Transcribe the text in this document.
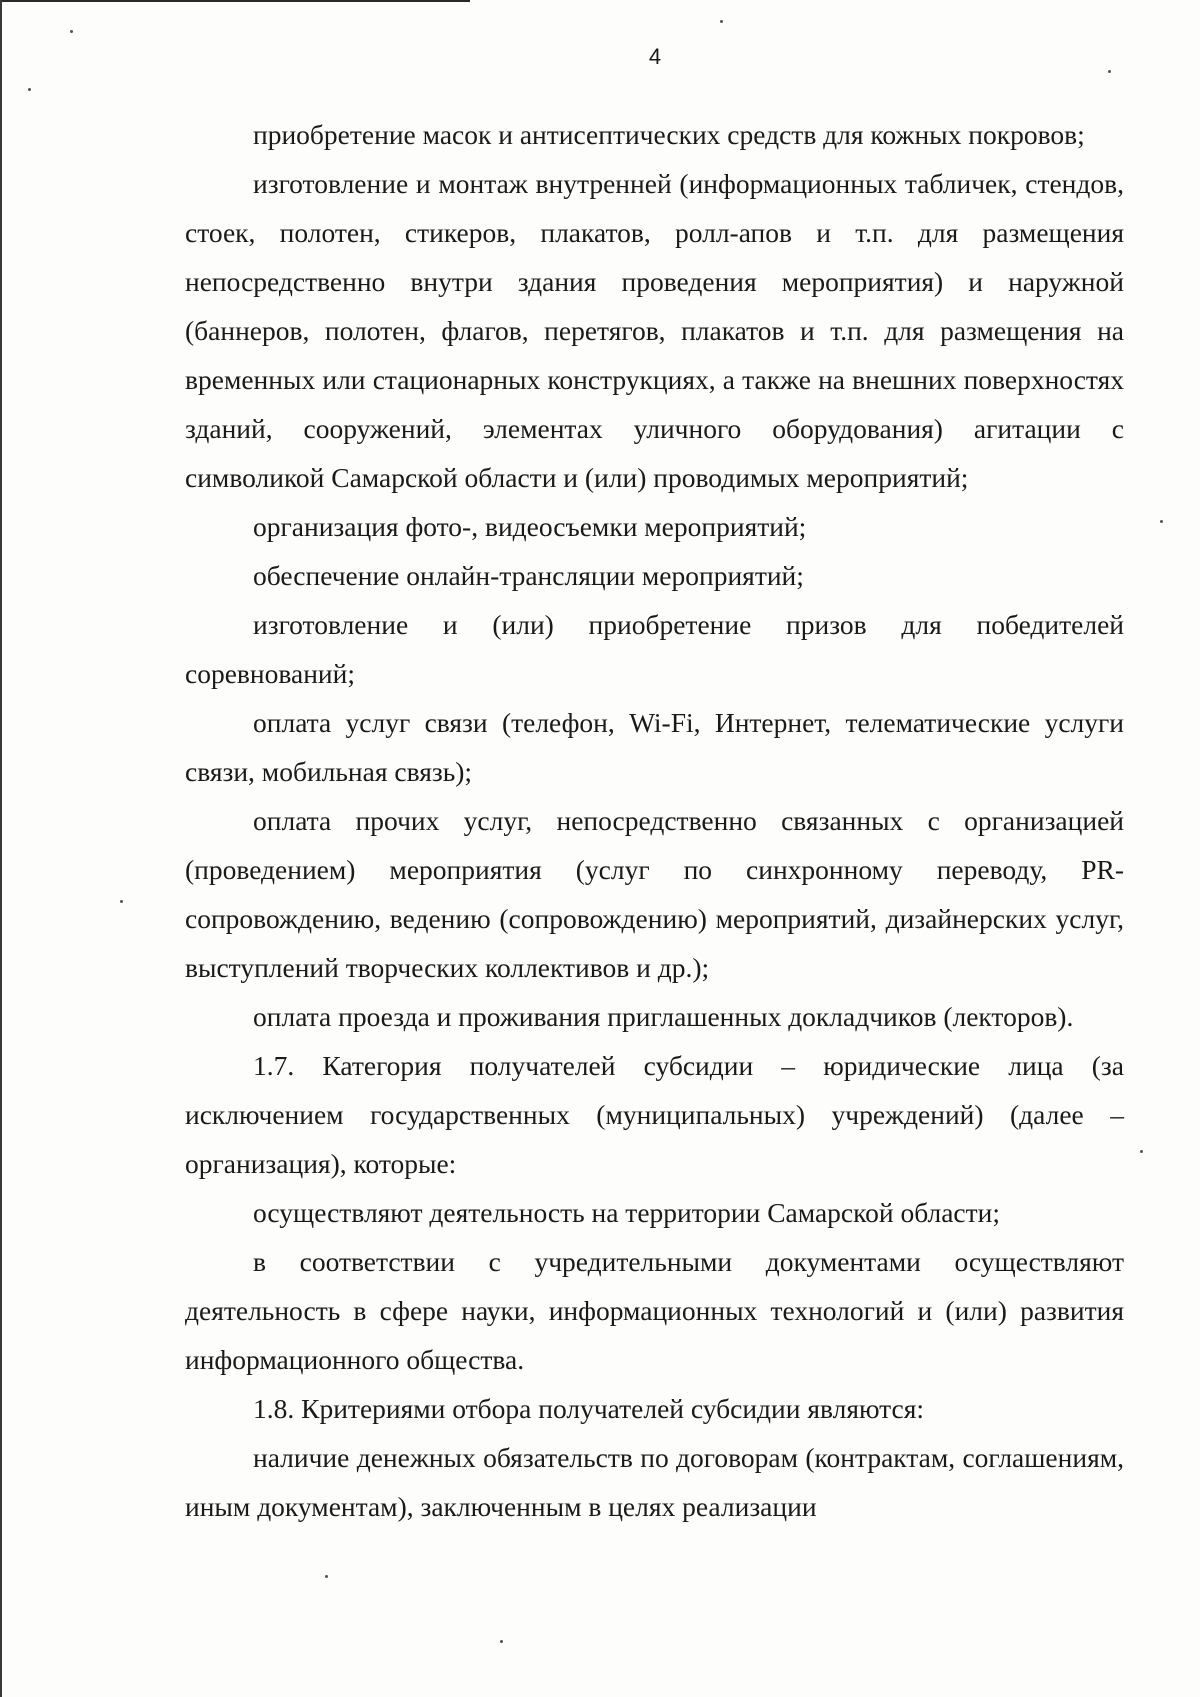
4

приобретение масок и антисептических средств для кожных покровов;

изготовление и монтаж внутренней (информационных табличек, стендов, стоек, полотен, стикеров, плакатов, ролл-апов и т.п. для размещения непосредственно внутри здания проведения мероприятия) и наружной (баннеров, полотен, флагов, перетягов, плакатов и т.п. для размещения на временных или стационарных конструкциях, а также на внешних поверхностях зданий, сооружений, элементах уличного оборудования) агитации с символикой Самарской области и (или) проводимых мероприятий;

организация фото-, видеосъемки мероприятий;

обеспечение онлайн-трансляции мероприятий;

изготовление и (или) приобретение призов для победителей соревнований;

оплата услуг связи (телефон, Wi-Fi, Интернет, телематические услуги связи, мобильная связь);

оплата прочих услуг, непосредственно связанных с организацией (проведением) мероприятия (услуг по синхронному переводу, PR-сопровождению, ведению (сопровождению) мероприятий, дизайнерских услуг, выступлений творческих коллективов и др.);

оплата проезда и проживания приглашенных докладчиков (лекторов).

1.7. Категория получателей субсидии – юридические лица (за исключением государственных (муниципальных) учреждений) (далее – организация), которые:

осуществляют деятельность на территории Самарской области;

в соответствии с учредительными документами осуществляют деятельность в сфере науки, информационных технологий и (или) развития информационного общества.

1.8. Критериями отбора получателей субсидии являются:

наличие денежных обязательств по договорам (контрактам, соглашениям, иным документам), заключенным в целях реализации
